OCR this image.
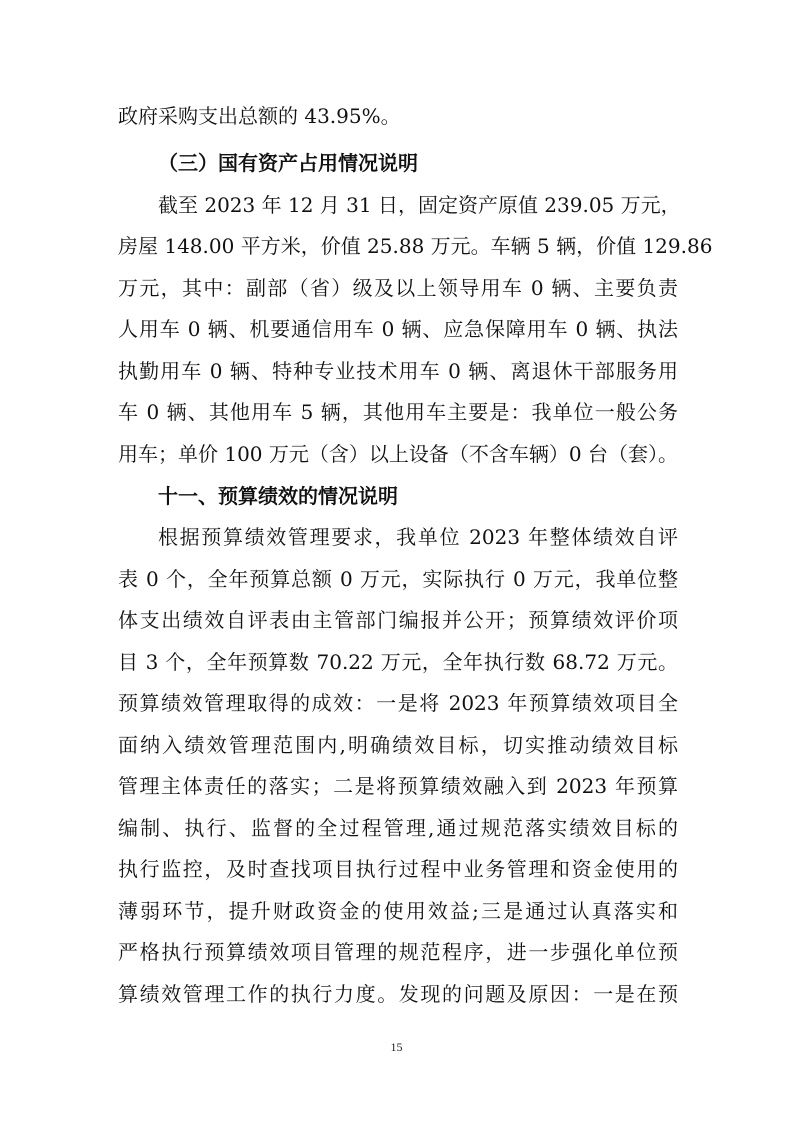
政府采购支出总额的 43.95%。
（三）国有资产占用情况说明
截至 2023 年 12 月 31 日，固定资产原值 239.05 万元，
房屋 148.00 平方米，价值 25.88 万元。车辆 5 辆，价值 129.86
万元，其中：副部（省）级及以上领导用车 0 辆、主要负责
人用车 0 辆、机要通信用车 0 辆、应急保障用车 0 辆、执法
执勤用车 0 辆、特种专业技术用车 0 辆、离退休干部服务用
车 0 辆、其他用车 5 辆，其他用车主要是：我单位一般公务
用车；单价 100 万元（含）以上设备（不含车辆）0 台（套）。
十一、预算绩效的情况说明
根据预算绩效管理要求，我单位 2023 年整体绩效自评
表 0 个，全年预算总额 0 万元，实际执行 0 万元，我单位整
体支出绩效自评表由主管部门编报并公开；预算绩效评价项
目 3 个，全年预算数 70.22 万元，全年执行数 68.72 万元。
预算绩效管理取得的成效：一是将 2023 年预算绩效项目全
面纳入绩效管理范围内,明确绩效目标，切实推动绩效目标
管理主体责任的落实；二是将预算绩效融入到 2023 年预算
编制、执行、监督的全过程管理,通过规范落实绩效目标的
执行监控，及时查找项目执行过程中业务管理和资金使用的
薄弱环节，提升财政资金的使用效益;三是通过认真落实和
严格执行预算绩效项目管理的规范程序，进一步强化单位预
算绩效管理工作的执行力度。发现的问题及原因：一是在预
15
